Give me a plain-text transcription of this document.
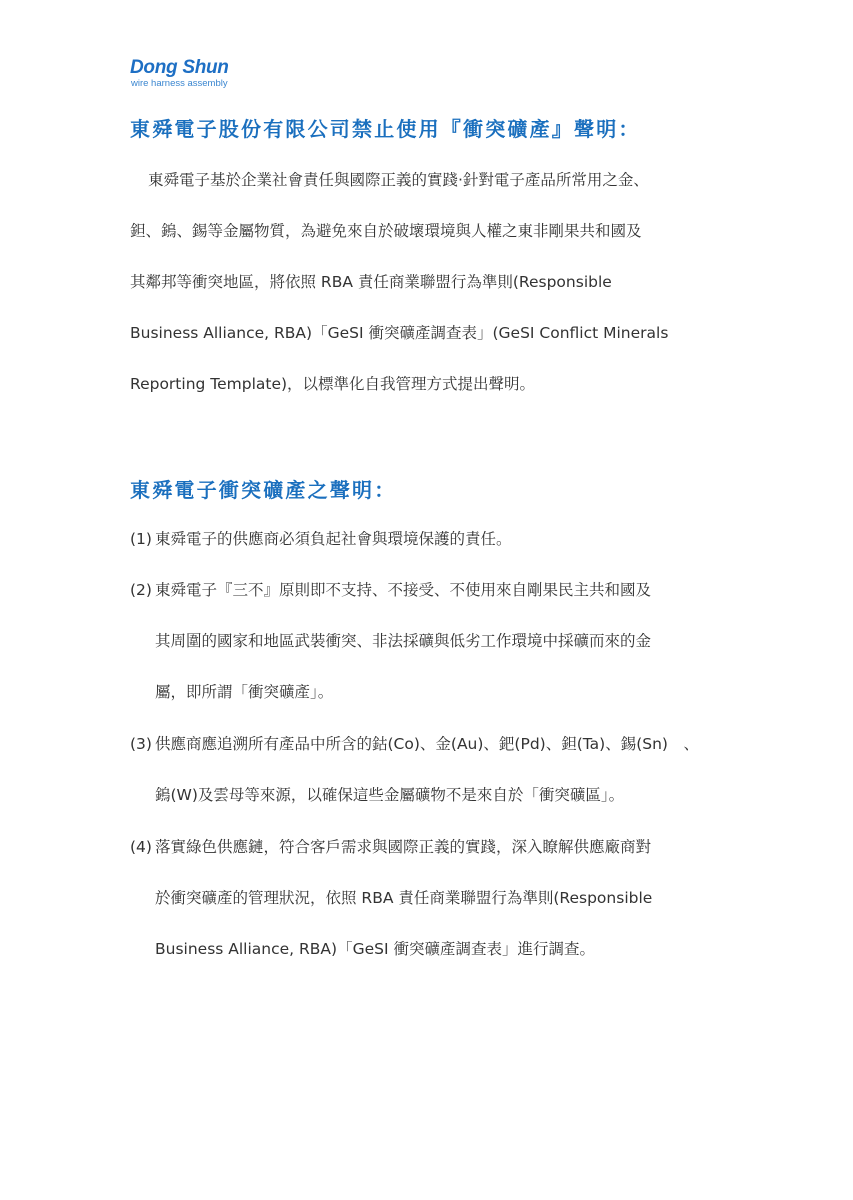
Dong Shun
wire harness assembly
東舜電子股份有限公司禁止使用『衝突礦產』聲明：
東舜電子基於企業社會責任與國際正義的實踐‧針對電子產品所常用之金、
鉭、鎢、錫等金屬物質，為避免來自於破壞環境與人權之東非剛果共和國及
其鄰邦等衝突地區，將依照 RBA 責任商業聯盟行為準則(Responsible
Business Alliance, RBA)「GeSI 衝突礦產調查表」(GeSI Conflict Minerals
Reporting Template)，以標準化自我管理方式提出聲明。
東舜電子衝突礦產之聲明：
(1) 東舜電子的供應商必須負起社會與環境保護的責任。
(2) 東舜電子『三不』原則即不支持、不接受、不使用來自剛果民主共和國及
其周圍的國家和地區武裝衝突、非法採礦與低劣工作環境中採礦而來的金
屬，即所謂「衝突礦產」。
(3) 供應商應追溯所有產品中所含的鈷(Co)、金(Au)、鈀(Pd)、鉭(Ta)、錫(Sn)　、
鎢(W)及雲母等來源，以確保這些金屬礦物不是來自於「衝突礦區」。
(4) 落實綠色供應鏈，符合客戶需求與國際正義的實踐，深入瞭解供應廠商對
於衝突礦產的管理狀況，依照 RBA 責任商業聯盟行為準則(Responsible
Business Alliance, RBA)「GeSI 衝突礦產調查表」進行調查。
